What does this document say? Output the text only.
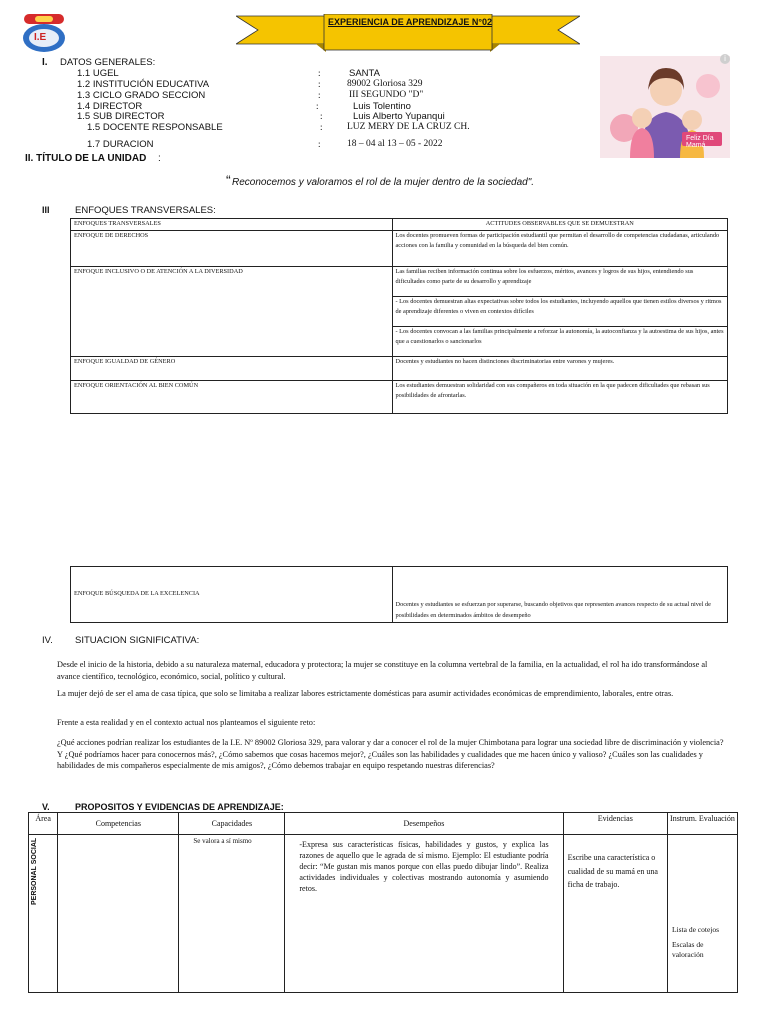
I.E
EXPERIENCIA DE APRENDIZAJE N°02
Feliz Día Mamá
i
I. DATOS GENERALES:
1.1 UGEL	:	SANTA
1.2 INSTITUCIÓN EDUCATIVA	:	89002 Gloriosa 329
1.3 CICLO GRADO SECCION	:	III SEGUNDO "D"
1.4 DIRECTOR	:	Luis Tolentino
1.5 SUB DIRECTOR	:	Luis Alberto Yupanqui
1.5 DOCENTE RESPONSABLE	:	LUZ MERY DE LA CRUZ CH.
1.7 DURACION	:	18 – 04 al 13 – 05 - 2022
II. TÍTULO DE LA UNIDAD :
“ Reconocemos y valoramos el rol de la mujer dentro de la sociedad".
III	ENFOQUES TRANSVERSALES:
ENFOQUES TRANSVERSALES	ACTITUDES OBSERVABLES QUE SE DEMUESTRAN
ENFOQUE DE DERECHOS	Los docentes promueven formas de participación estudiantil que permitan el desarrollo de competencias ciudadanas, articulando acciones con la familia y comunidad en la búsqueda del bien común.
ENFOQUE INCLUSIVO O DE ATENCIÓN A LA DIVERSIDAD	Las familias reciben información continua sobre los esfuerzos, méritos, avances y logros de sus hijos, entendiendo sus dificultades como parte de su desarrollo y aprendizaje
	- Los docentes demuestran altas expectativas sobre todos los estudiantes, incluyendo aquellos que tienen estilos diversos y ritmos de aprendizaje diferentes o viven en contextos difíciles
	- Los docentes convocan a las familias principalmente a reforzar la autonomía, la autoconfianza y la autoestima de sus hijos, antes que a cuestionarlos o sancionarlos
ENFOQUE IGUALDAD DE GÉNERO	Docentes y estudiantes no hacen distinciones discriminatorias entre varones y mujeres.
ENFOQUE ORIENTACIÓN AL BIEN COMÚN	Los estudiantes demuestran solidaridad con sus compañeros en toda situación en la que padecen dificultades que rebasan sus posibilidades de afrontarlas.
ENFOQUE BÚSQUEDA DE LA EXCELENCIA	Docentes y estudiantes se esfuerzan por superarse, buscando objetivos que representen avances respecto de su actual nivel de posibilidades en determinados ámbitos de desempeño
IV. SITUACION SIGNIFICATIVA:
Desde el inicio de la historia, debido a su naturaleza maternal, educadora y protectora; la mujer se constituye en la columna vertebral de la familia, en la actualidad, el rol ha ido transformándose al avance científico, tecnológico, económico, social, político y cultural.
La mujer dejó de ser el ama de casa típica, que solo se limitaba a realizar labores estrictamente domésticas para asumir actividades económicas de emprendimiento, laborales, entre otras.
Frente a esta realidad y en el contexto actual nos planteamos el siguiente reto:
¿Qué acciones podrían realizar los estudiantes de la I.E. Nº 89002 Gloriosa 329, para valorar y dar a conocer el rol de la mujer Chimbotana para lograr una sociedad libre de discriminación y violencia? Y ¿Qué podríamos hacer para conocernos más?, ¿Cómo sabemos que cosas hacemos mejor?, ¿Cuáles son las habilidades y cualidades que me hacen único y valioso? ¿Cuáles son las cualidades y habilidades de mis compañeros especialmente de mis amigos?, ¿Cómo debemos trabajar en equipo respetando nuestras diferencias?
V.	PROPOSITOS Y EVIDENCIAS DE APRENDIZAJE:
Área	Competencias	Capacidades	Desempeños	Evidencias	Instrum. Evaluación

PERSONAL SOCIAL		Se valora a sí mismo	-Expresa sus características físicas, habilidades y gustos, y explica las razones de aquello que le agrada de sí mismo. Ejemplo: El estudiante podría decir: “Me gustan mis manos porque con ellas puedo dibujar lindo”. Realiza actividades individuales y colectivas mostrando autonomía y asumiendo retos.	Escribe una característica o cualidad de su mamá en una ficha de trabajo.	Lista de cotejos
Escalas de valoración
